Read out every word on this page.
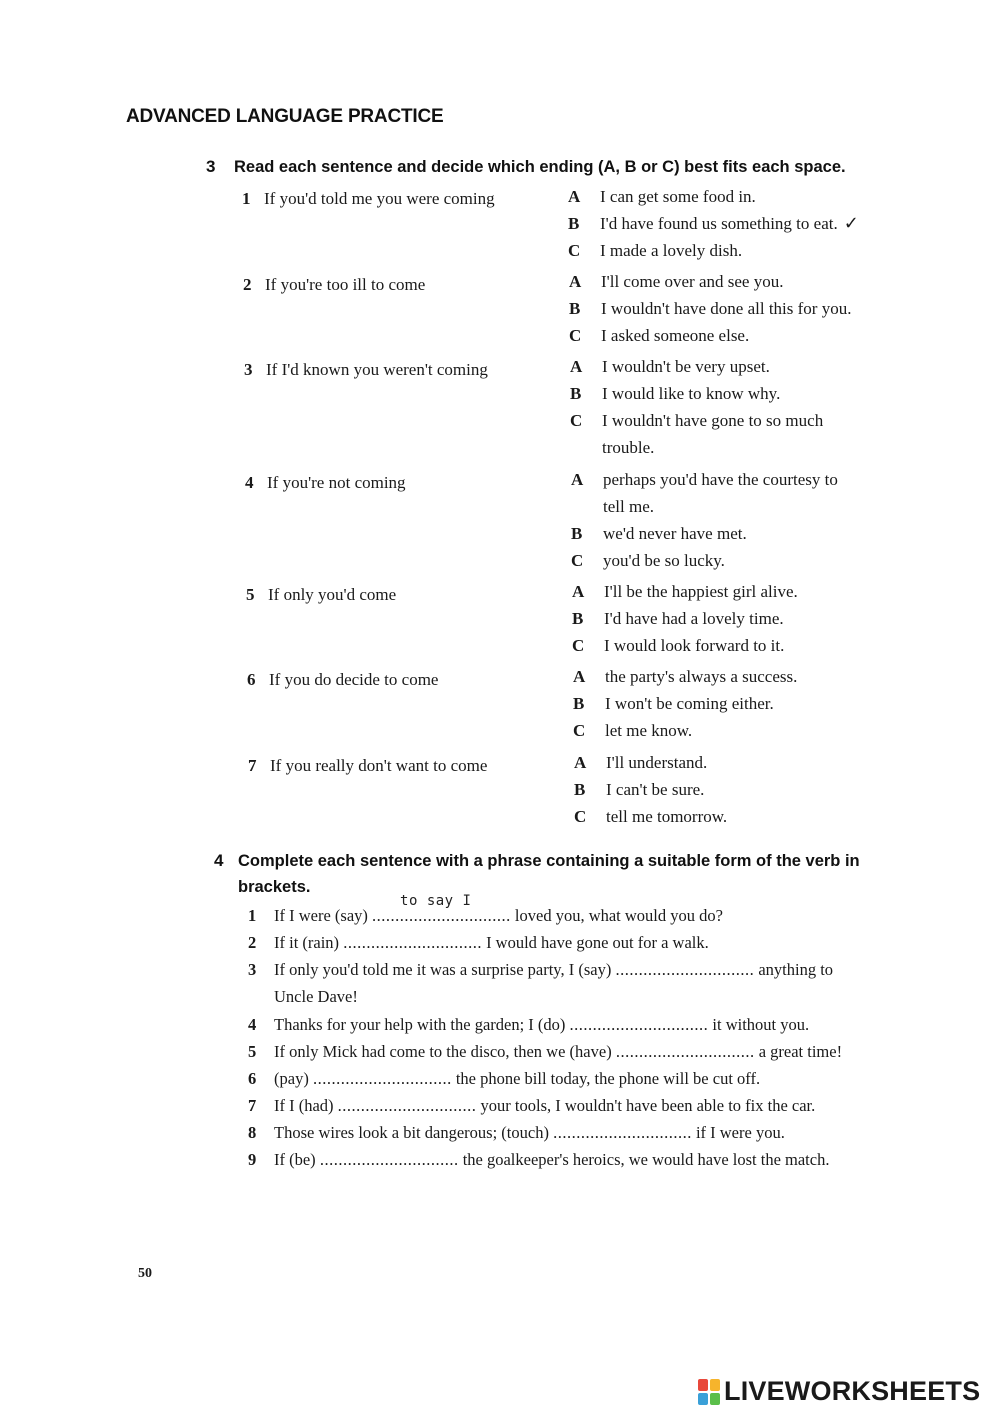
ADVANCED LANGUAGE PRACTICE
3 Read each sentence and decide which ending (A, B or C) best fits each space.
1 If you'd told me you were coming	A I can get some food in.
B I'd have found us something to eat. ✓
C I made a lovely dish.
2 If you're too ill to come	A I'll come over and see you.
B I wouldn't have done all this for you.
C I asked someone else.
3 If I'd known you weren't coming	A I wouldn't be very upset.
B I would like to know why.
C I wouldn't have gone to so much trouble.
4 If you're not coming	A perhaps you'd have the courtesy to tell me.
B we'd never have met.
C you'd be so lucky.
5 If only you'd come	A I'll be the happiest girl alive.
B I'd have had a lovely time.
C I would look forward to it.
6 If you do decide to come	A the party's always a success.
B I won't be coming either.
C let me know.
7 If you really don't want to come	A I'll understand.
B I can't be sure.
C tell me tomorrow.
4 Complete each sentence with a phrase containing a suitable form of the verb in brackets.
1 If I were (say) ..............................
to say I
loved you, what would you do?
2 If it (rain) .............................. I would have gone out for a walk.
3 If only you'd told me it was a surprise party, I (say) .............................. anything to Uncle Dave!
4 Thanks for your help with the garden; I (do) .............................. it without you.
5 If only Mick had come to the disco, then we (have) .............................. a great time!
6 (pay) .............................. the phone bill today, the phone will be cut off.
7 If I (had) .............................. your tools, I wouldn't have been able to fix the car.
8 Those wires look a bit dangerous; (touch) .............................. if I were you.
9 If (be) .............................. the goalkeeper's heroics, we would have lost the match.
50
LIVEWORKSHEETS
